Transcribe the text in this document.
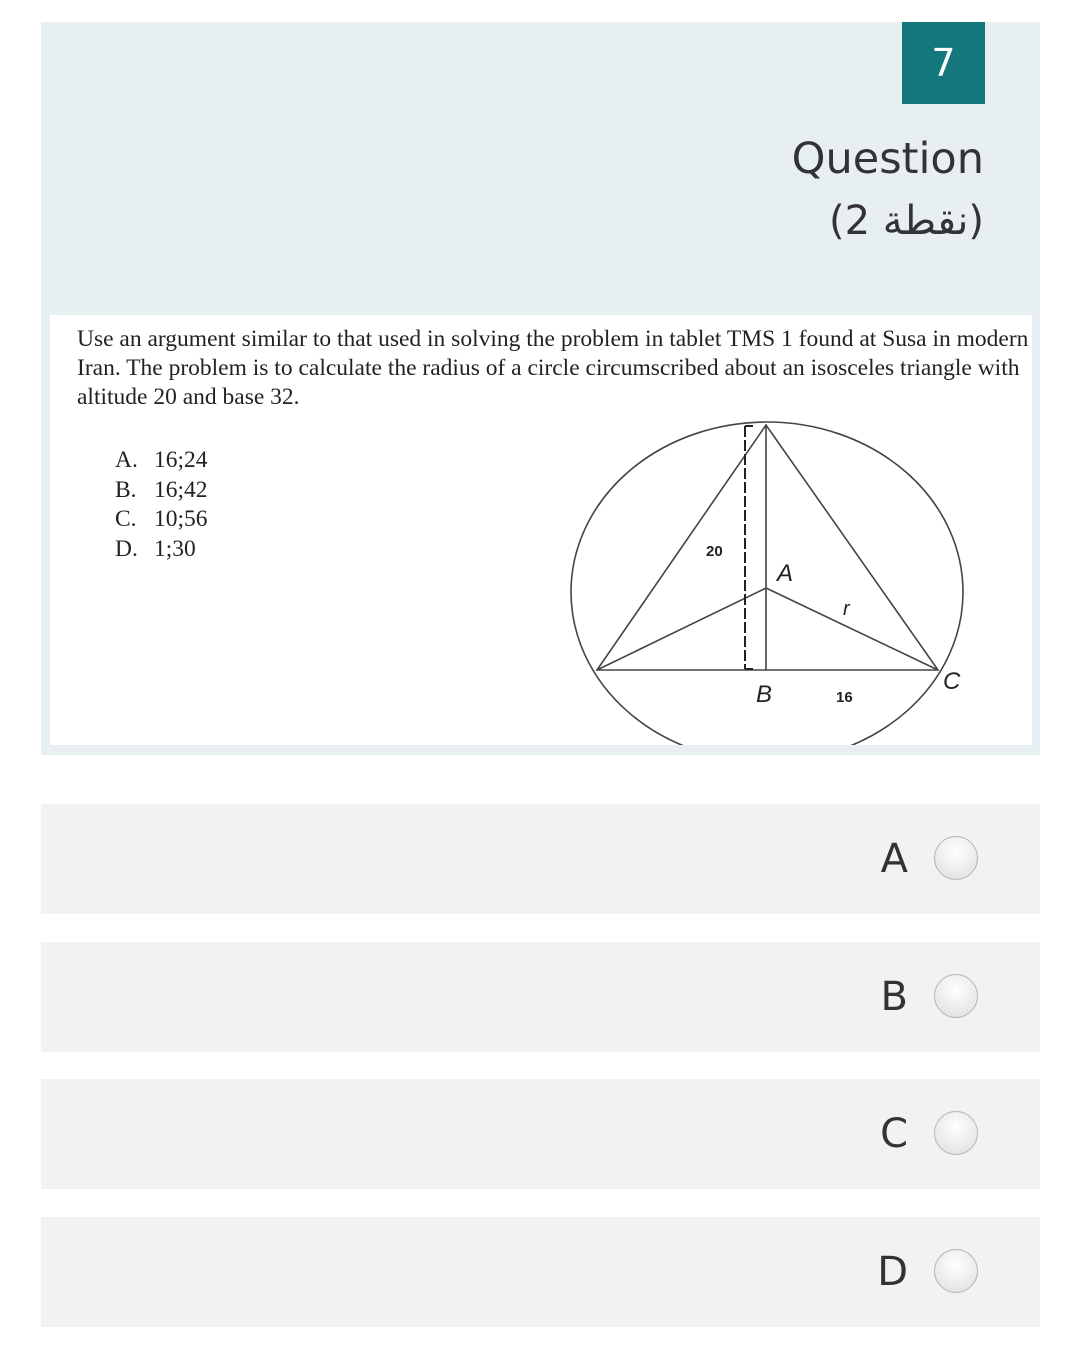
7
Question
(2 نقطة)
Use an argument similar to that used in solving the problem in tablet TMS 1 found at Susa in modern Iran. The problem is to calculate the radius of a circle circumscribed about an isosceles triangle with altitude 20 and base 32.
A. 16;24
B. 16;42
C. 10;56
D. 1;30	20
A
r
B	16
C
A
B
C
D
